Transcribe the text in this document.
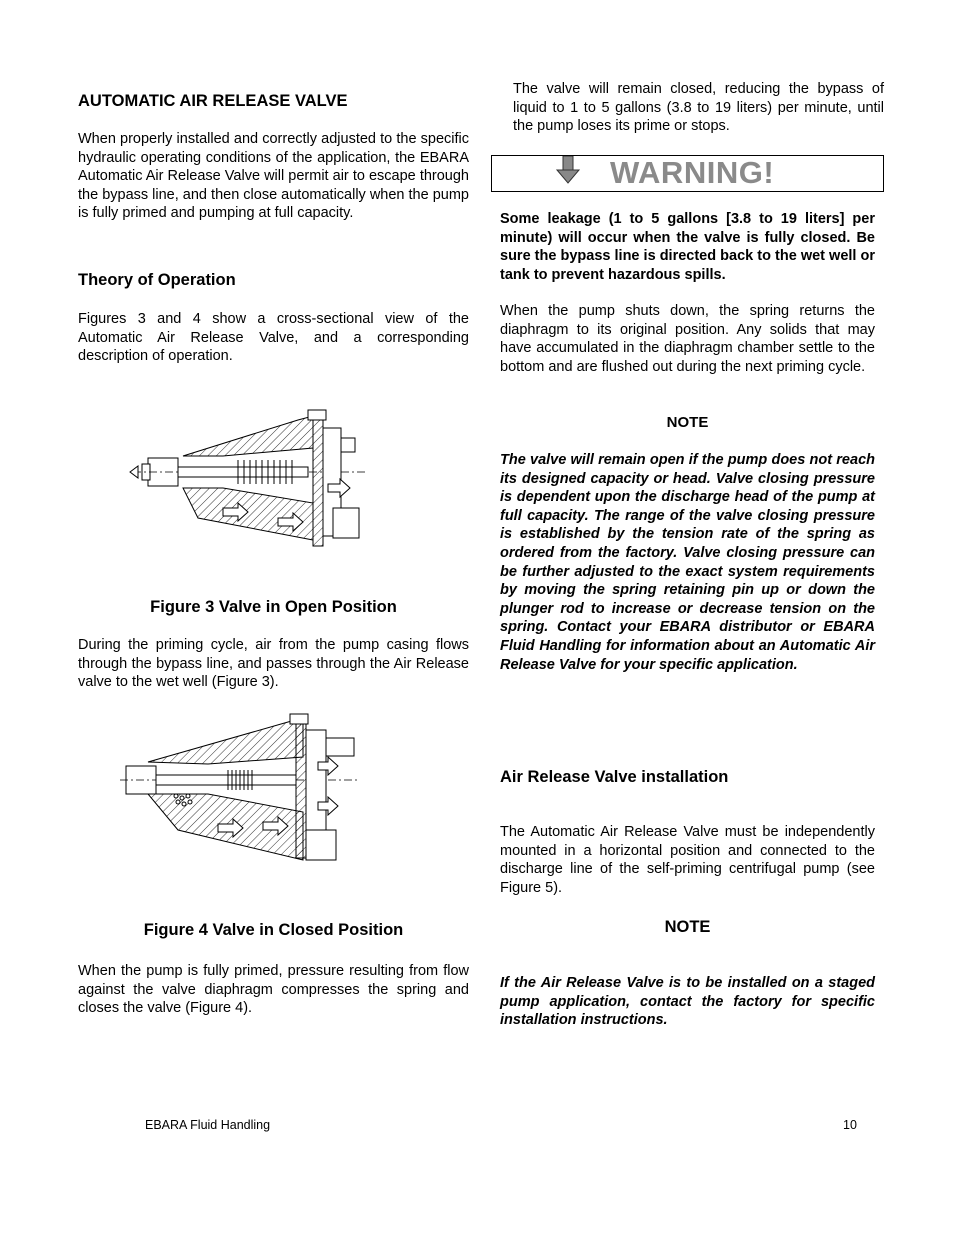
AUTOMATIC AIR RELEASE VALVE

When properly installed and correctly adjusted to the specific hydraulic operating conditions of the application, the EBARA Automatic Air Release Valve will permit air to escape through the bypass line, and then close automatically when the pump is fully primed and pumping at full capacity.

Theory of Operation

Figures 3 and 4 show a cross-sectional view of the Automatic Air Release Valve, and a corresponding description of operation.

Figure 3 Valve in Open Position

During the priming cycle, air from the pump casing flows through the bypass line, and passes through the Air Release valve to the wet well (Figure 3).

Figure 4 Valve in Closed Position

When the pump is fully primed, pressure resulting from flow against the valve diaphragm compresses the spring and closes the valve (Figure 4).

The valve will remain closed, reducing the bypass of liquid to 1 to 5 gallons (3.8 to 19 liters) per minute, until the pump loses its prime or stops.

WARNING!

Some leakage (1 to 5 gallons [3.8 to 19 liters] per minute) will occur when the valve is fully closed. Be sure the bypass line is directed back to the wet well or tank to prevent hazardous spills.

When the pump shuts down, the spring returns the diaphragm to its original position. Any solids that may have accumulated in the diaphragm chamber settle to the bottom and are flushed out during the next priming cycle.

NOTE

The valve will remain open if the pump does not reach its designed capacity or head. Valve closing pressure is dependent upon the discharge head of the pump at full capacity. The range of the valve closing pressure is established by the tension rate of the spring as ordered from the factory. Valve closing pressure can be further adjusted to the exact system requirements by moving the spring retaining pin up or down the plunger rod to increase or decrease tension on the spring. Contact your EBARA distributor or EBARA Fluid Handling for information about an Automatic Air Release Valve for your specific application.

Air Release Valve installation

The Automatic Air Release Valve must be independently mounted in a horizontal position and connected to the discharge line of the self-priming centrifugal pump (see Figure 5).

NOTE

If the Air Release Valve is to be installed on a staged pump application, contact the factory for specific installation instructions.

EBARA Fluid Handling	10
